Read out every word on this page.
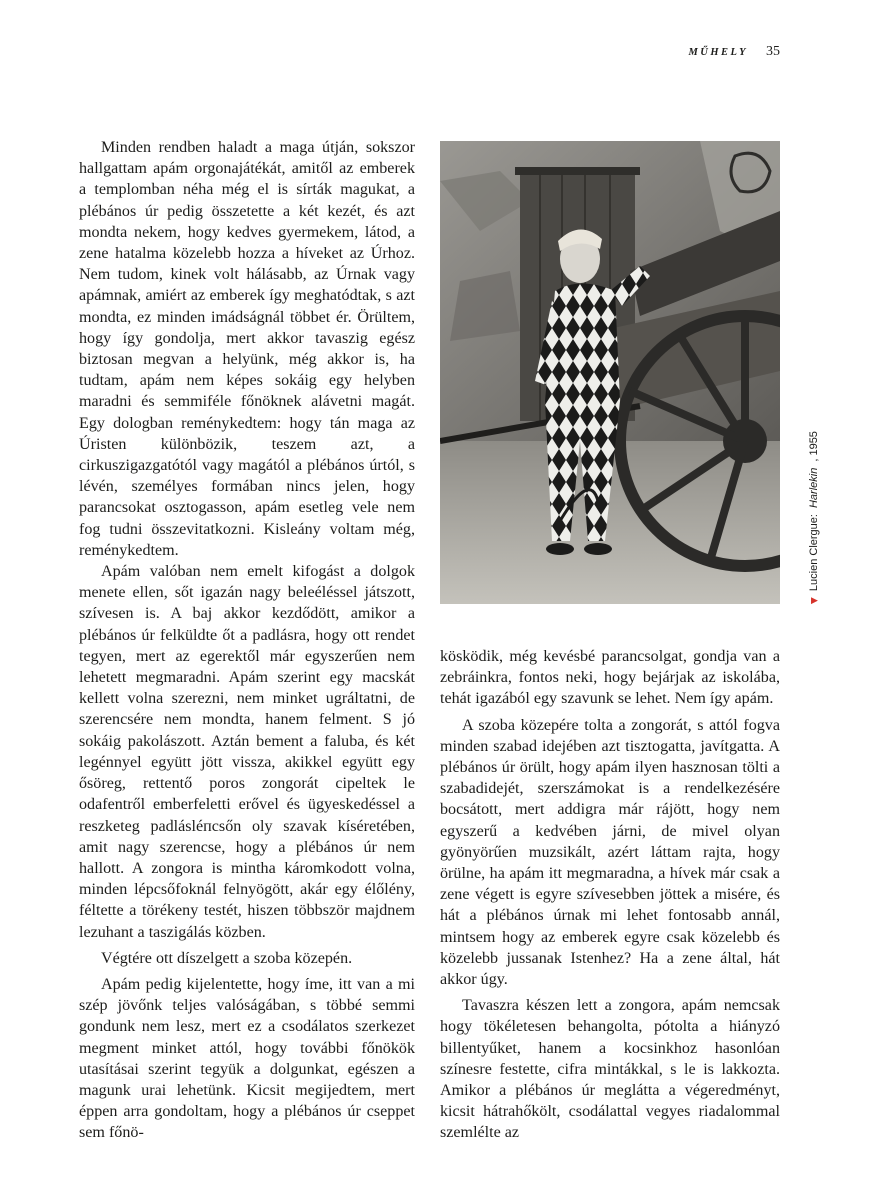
MŰHELY 35

Minden rendben haladt a maga útján, sokszor hallgattam apám orgonajátékát, amitől az emberek a templomban néha még el is sírták magukat, a plébános úr pedig összetette a két kezét, és azt mondta nekem, hogy kedves gyermekem, látod, a zene hatalma közelebb hozza a híveket az Úrhoz. Nem tudom, kinek volt hálásabb, az Úrnak vagy apámnak, amiért az emberek így meghatódtak, s azt mondta, ez minden imádságnál többet ér. Örültem, hogy így gondolja, mert akkor tavaszig egész biztosan megvan a helyünk, még akkor is, ha tudtam, apám nem képes sokáig egy helyben maradni és semmiféle főnöknek alávetni magát. Egy dologban reménykedtem: hogy tán maga az Úristen különbözik, teszem azt, a cirkuszigazgatótól vagy magától a plébános úrtól, s lévén, személyes formában nincs jelen, hogy parancsokat osztogasson, apám esetleg vele nem fog tudni összevitatkozni. Kisleány voltam még, reménykedtem.

Apám valóban nem emelt kifogást a dolgok menete ellen, sőt igazán nagy beleéléssel játszott, szívesen is. A baj akkor kezdődött, amikor a plébános úr felküldte őt a padlásra, hogy ott rendet tegyen, mert az egerektől már egyszerűen nem lehetett megmaradni. Apám szerint egy macskát kellett volna szerezni, nem minket ugráltatni, de szerencsére nem mondta, hanem felment. S jó sokáig pakolászott. Aztán bement a faluba, és két legénnyel együtt jött vissza, akikkel együtt egy ősöreg, rettentő poros zongorát cipeltek le odafentről emberfeletti erővel és ügyeskedéssel a reszketeg padlásléпcsőn oly szavak kíséretében, amit nagy szerencse, hogy a plébános úr nem hallott. A zongora is mintha káromkodott volna, minden lépcsőfoknál felnyögött, akár egy élőlény, féltette a törékeny testét, hiszen többször majdnem lezuhant a taszigálás közben.

Végtére ott díszelgett a szoba közepén.

Apám pedig kijelentette, hogy íme, itt van a mi szép jövőnk teljes valóságában, s többé semmi gondunk nem lesz, mert ez a csodálatos szerkezet megment minket attól, hogy további főnökök utasításai szerint tegyük a dolgunkat, egészen a magunk urai lehetünk. Kicsit megijedtem, mert éppen arra gondoltam, hogy a plébános úr cseppet sem főnö-

▶
Lucien Clergue:
Harlekin
, 1955

kösködik, még kevésbé parancsolgat, gondja van a zebráinkra, fontos neki, hogy bejárjak az iskolába, tehát igazából egy szavunk se lehet. Nem így apám.

A szoba közepére tolta a zongorát, s attól fogva minden szabad idejében azt tisztogatta, javítgatta. A plébános úr örült, hogy apám ilyen hasznosan tölti a szabadidejét, szerszámokat is a rendelkezésére bocsátott, mert addigra már rájött, hogy nem egyszerű a kedvében járni, de mivel olyan gyönyörűen muzsikált, azért láttam rajta, hogy örülne, ha apám itt megmaradna, a hívek már csak a zene végett is egyre szívesebben jöttek a misére, és hát a plébános úrnak mi lehet fontosabb annál, mintsem hogy az emberek egyre csak közelebb és közelebb jussanak Istenhez? Ha a zene által, hát akkor úgy.

Tavaszra készen lett a zongora, apám nemcsak hogy tökéletesen behangolta, pótolta a hiányzó billentyűket, hanem a kocsinkhoz hasonlóan színesre festette, cifra mintákkal, s le is lakkozta. Amikor a plébános úr meglátta a végeredményt, kicsit hátrahőkölt, csodálattal vegyes riadalommal szemlélte az
